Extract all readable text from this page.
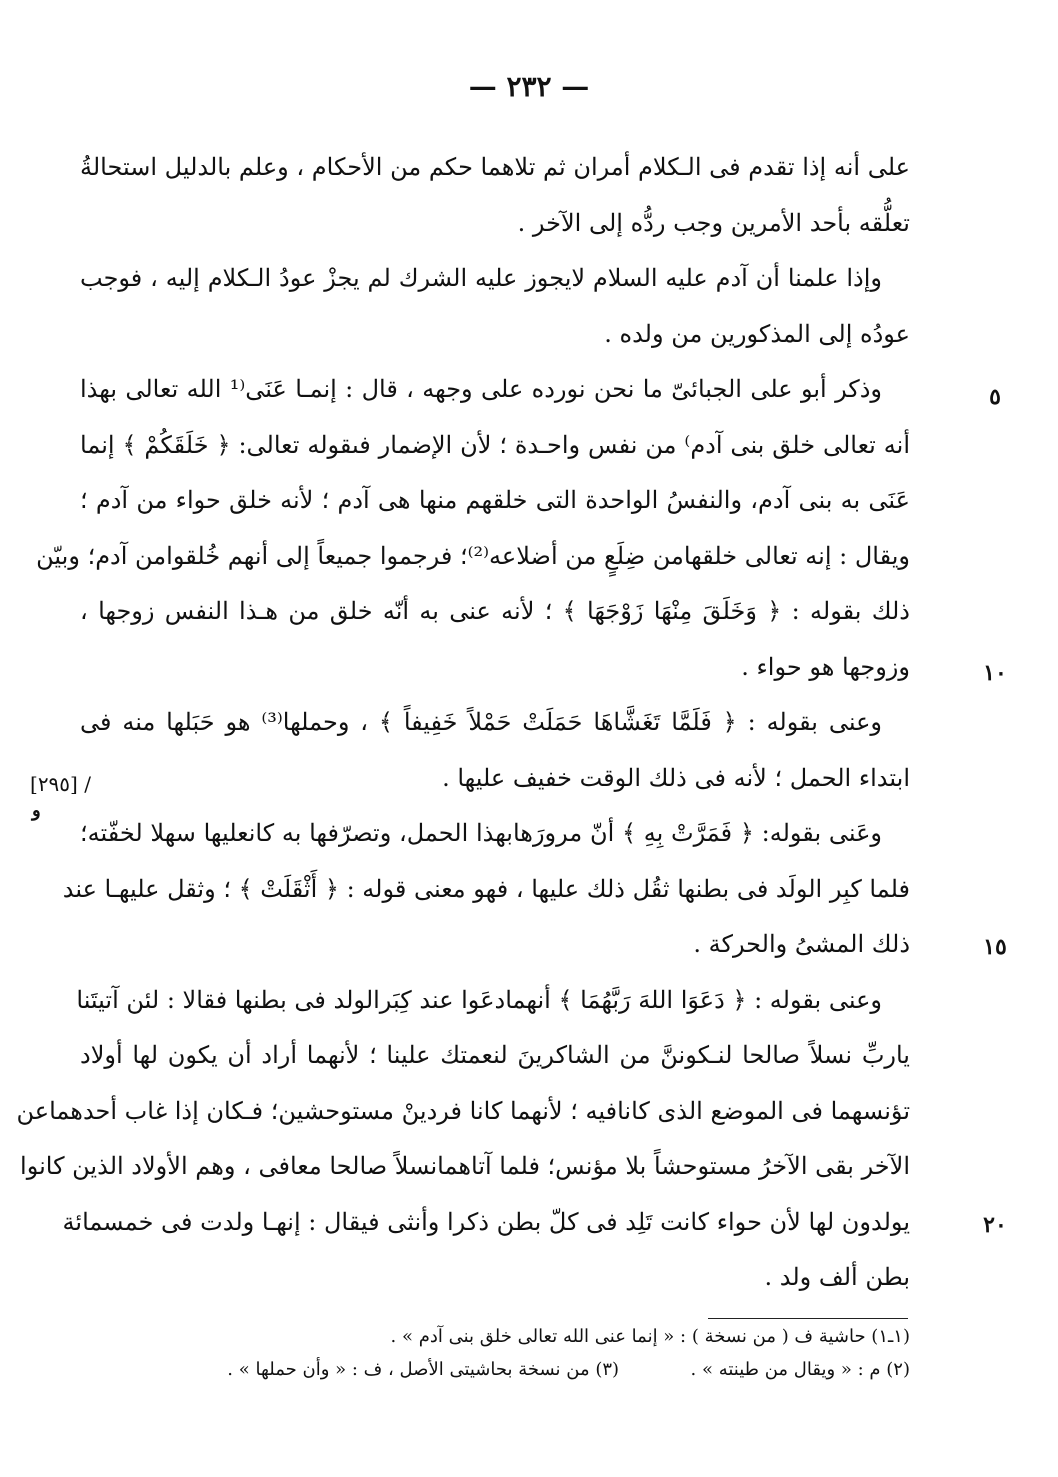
— ٢٣٢ —
على أنه إذا تقدم فى الـكلام أمران ثم تلاهما حكم من الأحكام ، وعلم بالدليل استحالةُ
تعلُّقه بأحد الأمرين وجب ردُّه إلى الآخر .
وإذا علمنا أن آدم عليه السلام لايجوز عليه الشرك لم يجزْ عودُ الـكلام إليه ، فوجب
عودُه إلى المذكورين من ولده .
وذكر أبو على الجبائىّ ما نحن نورده على وجهه ، قال : إنمـا عَنَى⁽¹ الله تعالى بهذا
أنه تعالى خلق بنى آدم⁾ من نفس واحـدة ؛ لأن الإضمار فىقوله تعالى: ﴿ خَلَقَكُمْ ﴾ إنما
عَنَى به بنى آدم، والنفسُ الواحدة التى خلقهم منها هى آدم ؛ لأنه خلق حواء من آدم ؛
ويقال : إنه تعالى خلقهامن ضِلَعٍ من أضلاعه⁽²⁾؛ فرجموا جميعاً إلى أنهم خُلقوامن آدم؛ وبيّن
ذلك بقوله : ﴿ وَخَلَقَ مِنْهَا زَوْجَهَا ﴾ ؛ لأنه عنى به أنّه خلق من هـذا النفس زوجها ،
وزوجها هو حواء .
وعنى بقوله : ﴿ فَلَمَّا تَغَشَّاهَا حَمَلَتْ حَمْلاً خَفِيفاً ﴾ ، وحملها⁽³⁾ هو حَبَلها منه فى
ابتداء الحمل ؛ لأنه فى ذلك الوقت خفيف عليها .
وعَنى بقوله: ﴿ فَمَرَّتْ بِهِ ﴾ أنّ مرورَهابهذا الحمل، وتصرّفها به كانعليها سهلا لخفّته؛
فلما كبِر الولَد فى بطنها ثقُل ذلك عليها ، فهو معنى قوله : ﴿ أَثْقَلَتْ ﴾ ؛ وثقل عليهـا عند
ذلك المشىُ والحركة .
وعنى بقوله : ﴿ دَعَوَا اللهَ رَبَّهُمَا ﴾ أنهمادعَوا عند كِبَرالولد فى بطنها فقالا : لئن آتيتَنا
ياربِّ نسلاً صالحا لنـكوننَّ من الشاكرينَ لنعمتك علينا ؛ لأنهما أراد أن يكون لها أولاد
تؤنسهما فى الموضع الذى كانافيه ؛ لأنهما كانا فردينْ مستوحشين؛ فـكان إذا غاب أحدهماعن
الآخر بقى الآخرُ مستوحشاً بلا مؤنس؛ فلما آتاهمانسلاً صالحا معافى ، وهم الأولاد الذين كانوا
يولدون لها لأن حواء كانت تَلِد فى كلّ بطن ذكرا وأنثى فيقال : إنهـا ولدت فى خمسمائة
بطن ألف ولد .
٥
١٠
١٥
٢٠
[٢٩٥] /
و
(١ـ١) حاشية ف ( من نسخة ) : « إنما عنى الله تعالى خلق بنى آدم » .
(٢) م : « ويقال من طينته » .  (٣) من نسخة بحاشيتى الأصل ، ف : « وأن حملها » .
